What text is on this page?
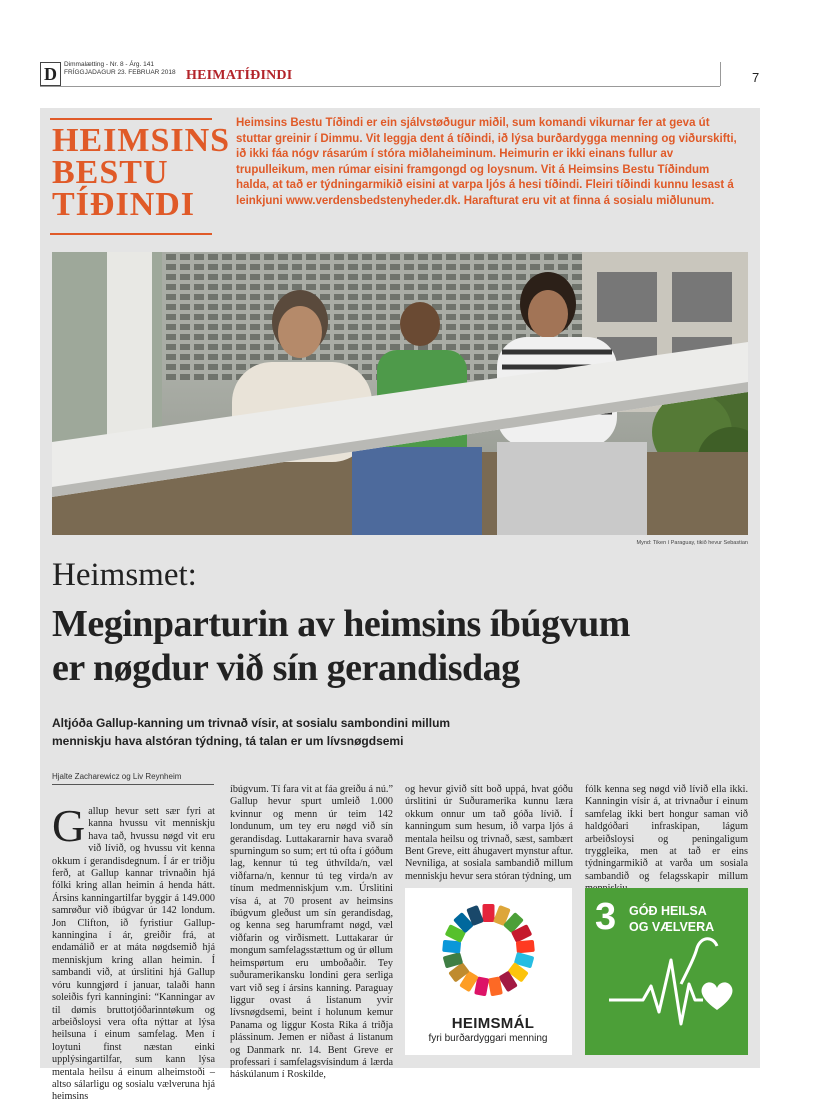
D	Dimmalætting - Nr. 8 - Árg. 141
FRÍGGJADAGUR 23. FEBRUAR 2018 HEIMATÍÐINDI	7
HEIMSINS
BESTU
TÍÐINDI
Heimsins Bestu Tíðindi er ein sjálvstøðugur miðil, sum komandi vikurnar fer at geva út stuttar greinir í Dimmu. Vit leggja dent á tíðindi, ið lýsa burðardygga menning og viðurskifti, ið ikki fáa nógv rásarúm í stóra miðlaheiminum. Heimurin er ikki einans fullur av trupulleikum, men rúmar eisini framgongd og loysnum. Vit á Heimsins Bestu Tíðindum halda, at tað er týdningarmikið eisini at varpa ljós á hesi tíðindi. Fleiri tíðindi kunnu lesast á leinkjuni www.verdensbedstenyheder.dk. Harafturat eru vit at finna á sosialu miðlunum.
Mynd: Tiken í Paraguay, tikið hevur Sebastian
Heimsmet:
Meginparturin av heimsins íbúgvum
er nøgdur við sín gerandisdag
Altjóða Gallup-kanning um trivnað vísir, at sosialu sambondini millum
menniskju hava alstóran týdning, tá talan er um lívsnøgdsemi
Hjalte Zacharewicz og Liv Reynheim
Gallup hevur sett sær fyri at kanna hvussu vit menniskju hava tað, hvussu nøgd vit eru við lívið, og hvussu vit kenna okkum í gerandisdegnum. Í ár er triðju ferð, at Gallup kannar trivnaðin hjá fólki kring allan heimin á henda hátt. Ársins kanningartilfar byggir á 149.000 samrøður við íbúgvar úr 142 londum. Jon Clifton, ið fyristiur Gallup-kanningina í ár, greiðir frá, at endamálið er at máta nøgdsemið hjá menniskjum kring allan heimin. Í sambandi við, at úrslitini hjá Gallup vóru kunngjørd í januar, talaði hann soleiðis fyri kanningini: “Kanningar av til dømis bruttotjóðarinntøkum og arbeiðsloysi vera ofta nýttar at lýsa heilsuna í einum samfelag. Men í loytuni finst næstan einki upplýsingartilfar, sum kann lýsa mentala heilsu á einum alheimstoði – altso sálarligu og sosialu vælveruna hjá heimsins
íbúgvum. Tí fara vit at fáa greiðu á nú.” Gallup hevur spurt umleið 1.000 kvinnur og menn úr teim 142 londunum, um tey eru nøgd við sín gerandisdag. Luttakararnir hava svarað spurningum so sum; ert tú ofta í góðum lag, kennur tú teg úthvílda/n, væl viðfarna/n, kennur tú teg virda/n av tínum medmenniskjum v.m. Úrslitini vísa á, at 70 prosent av heimsins íbúgvum gleðust um sín gerandisdag, og kenna seg harumframt nøgd, væl viðfarin og virðismett. Luttakarar úr mongum samfelagsstættum og úr øllum heimspørtum eru umboðaðir. Tey suðuramerikansku londini gera serliga vart við seg í ársins kanning. Paraguay liggur ovast á listanum yvir lívsnøgdsemi, beint í holunum kemur Panama og liggur Kosta Rika á triðja plássinum. Jemen er niðast á listanum og Danmark nr. 14. Bent Greve er professari í samfelagsvísindum á lærda háskúlanum í Roskilde,
og hevur givið sítt boð uppá, hvat góðu úrslitini úr Suðuramerika kunnu læra okkum onnur um tað góða lívið. Í kanningum sum hesum, ið varpa ljós á mentala heilsu og trivnað, sæst, sambært Bent Greve, eitt áhugavert mynstur aftur. Nevniliga, at sosiala sambandið millum menniskju hevur sera stóran týdning, um
fólk kenna seg nøgd við lívið ella ikki. Kanningin vísir á, at trivnaður í einum samfelag ikki bert hongur saman við haldgóðari infraskipan, lágum arbeiðsloysi og peningaligum tryggleika, men at tað er eins týdningarmikið at varða um sosiala sambandið og felagsskapir millum
HEIMSMÁL
fyri burðardyggari menning
3 GÓÐ HEILSA
OG VÆLVERA
